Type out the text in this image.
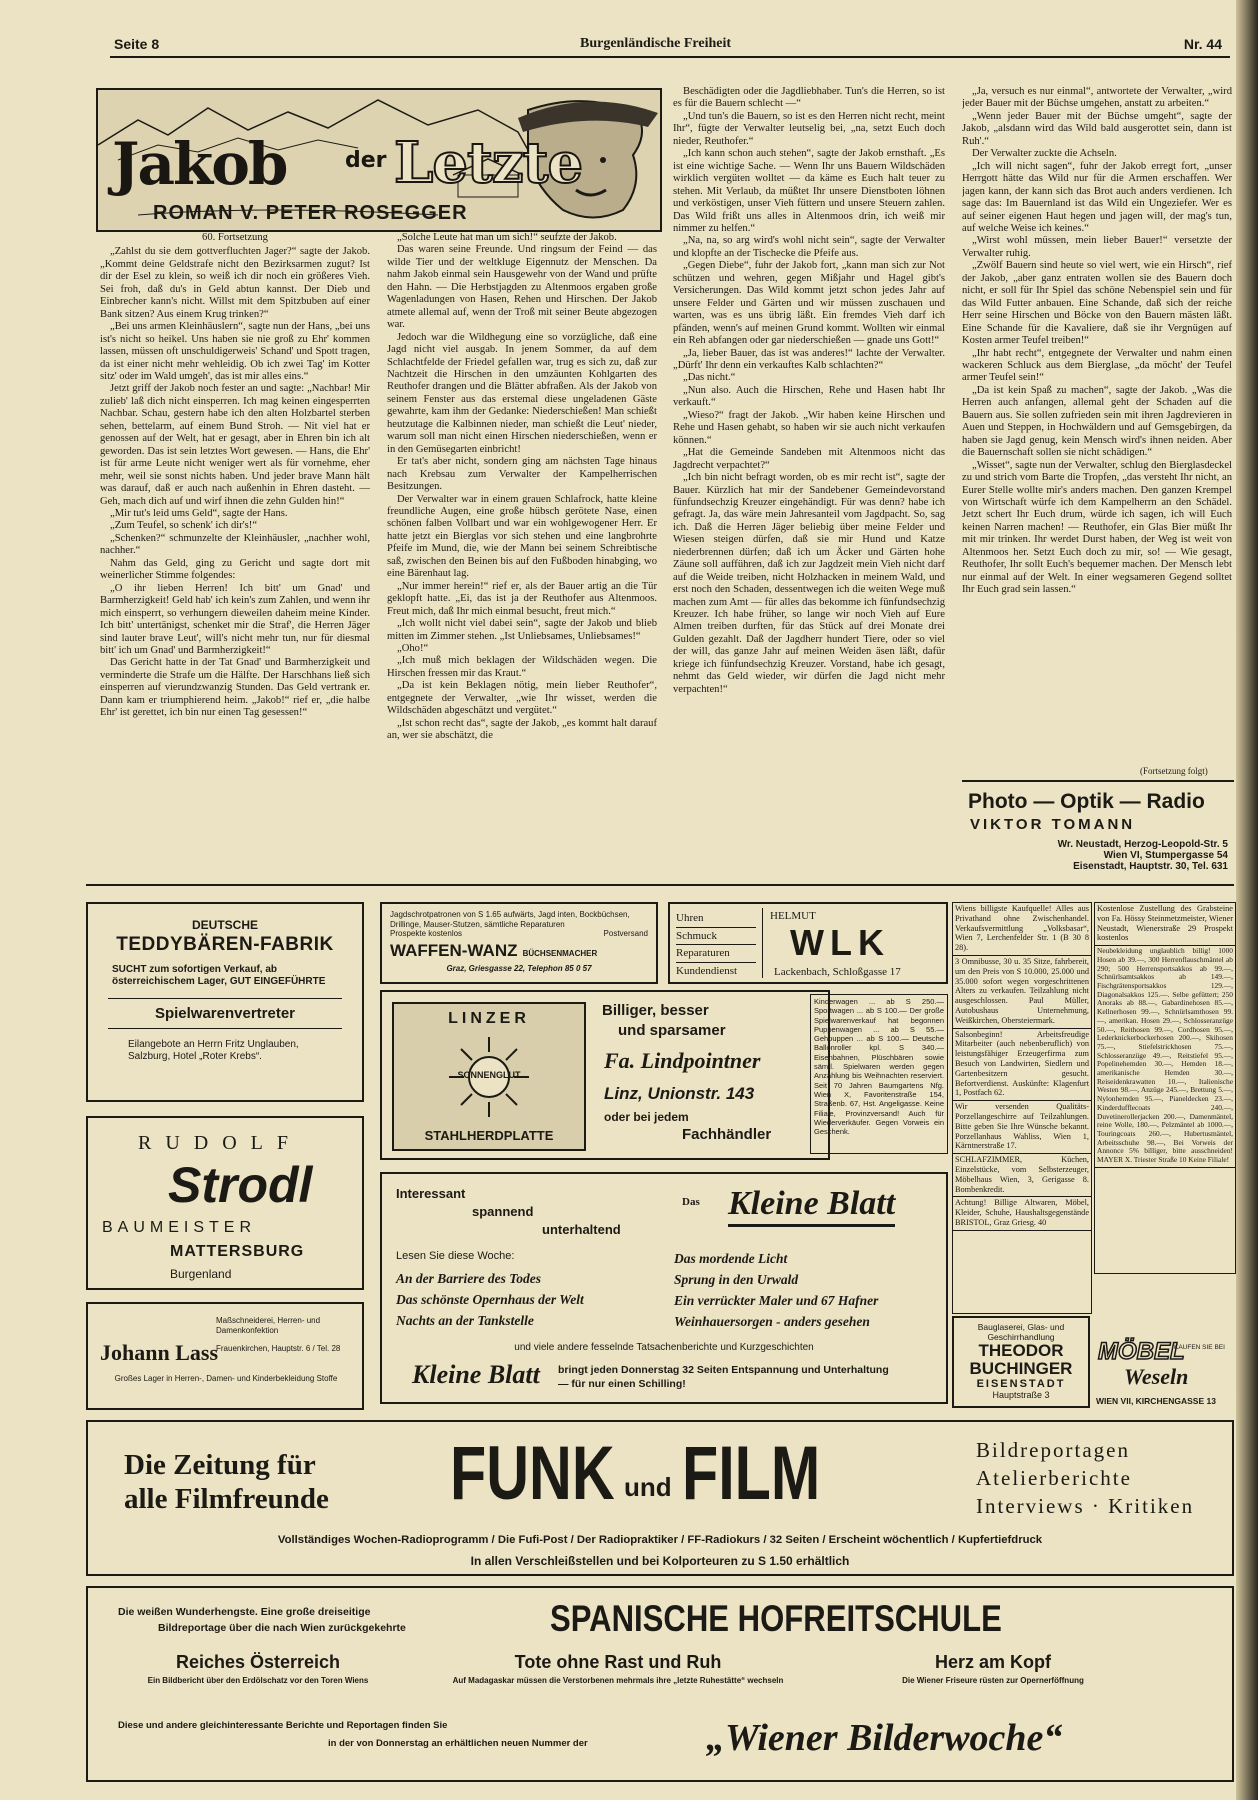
Seite 8	Burgenländische Freiheit	Nr. 44
Jakob	der Letzte
ROMAN V. PETER ROSEGGER

60. Fortsetzung

„Zahlst du sie dem gottverfluchten Jager?“ sagte der Jakob. „Kommt deine Geldstrafe nicht den Bezirksarmen zugut? Ist dir der Esel zu klein, so weiß ich dir noch ein größeres Vieh. Sei froh, daß du's in Geld abtun kannst. Der Dieb und Einbrecher kann's nicht. Willst mit dem Spitzbuben auf einer Bank sitzen? Aus einem Krug trinken?“

„Bei uns armen Kleinhäuslern“, sagte nun der Hans, „bei uns ist's nicht so heikel. Uns haben sie nie groß zu Ehr' kommen lassen, müssen oft unschuldigerweis' Schand' und Spott tragen, da ist einer nicht mehr wehleidig. Ob ich zwei Tag' im Kotter sitz' oder im Wald umgeh', das ist mir alles eins.“

Jetzt griff der Jakob noch fester an und sagte: „Nachbar! Mir zulieb' laß dich nicht einsperren. Ich mag keinen eingesperrten Nachbar. Schau, gestern habe ich den alten Holzbartel sterben sehen, bettelarm, auf einem Bund Stroh. — Nit viel hat er genossen auf der Welt, hat er gesagt, aber in Ehren bin ich alt geworden. Das ist sein letztes Wort gewesen. — Hans, die Ehr' ist für arme Leute nicht weniger wert als für vornehme, eher mehr, weil sie sonst nichts haben. Und jeder brave Mann hält was darauf, daß er auch nach außenhin in Ehren dasteht. — Geh, mach dich auf und wirf ihnen die zehn Gulden hin!“

„Mir tut's leid ums Geld“, sagte der Hans.

„Zum Teufel, so schenk' ich dir's!“

„Schenken?“ schmunzelte der Kleinhäusler, „nachher wohl, nachher.“

Nahm das Geld, ging zu Gericht und sagte dort mit weinerlicher Stimme folgendes:

„O ihr lieben Herren! Ich bitt' um Gnad' und Barmherzigkeit! Geld hab' ich kein's zum Zahlen, und wenn ihr mich einsperrt, so verhungern dieweilen daheim meine Kinder. Ich bitt' untertänigst, schenket mir die Straf', die Herren Jäger sind lauter brave Leut', will's nicht mehr tun, nur für diesmal bitt' ich um Gnad' und Barmherzigkeit!“

Das Gericht hatte in der Tat Gnad' und Barmherzigkeit und verminderte die Strafe um die Hälfte. Der Harschhans ließ sich einsperren auf vierundzwanzig Stunden. Das Geld vertrank er. Dann kam er triumphierend heim. „Jakob!“ rief er, „die halbe Ehr' ist gerettet, ich bin nur einen Tag gesessen!“

„Solche Leute hat man um sich!“ seufzte der Jakob.

Das waren seine Freunde. Und ringsum der Feind — das wilde Tier und der weltkluge Eigennutz der Menschen. Da nahm Jakob einmal sein Hausgewehr von der Wand und prüfte den Hahn. — Die Herbstjagden zu Altenmoos ergaben große Wagenladungen von Hasen, Rehen und Hirschen. Der Jakob atmete allemal auf, wenn der Troß mit seiner Beute abgezogen war.

Jedoch war die Wildhegung eine so vorzügliche, daß eine Jagd nicht viel ausgab. In jenem Sommer, da auf dem Schlachtfelde der Friedel gefallen war, trug es sich zu, daß zur Nachtzeit die Hirschen in den umzäunten Kohlgarten des Reuthofer drangen und die Blätter abfraßen. Als der Jakob von seinem Fenster aus das erstemal diese ungeladenen Gäste gewahrte, kam ihm der Gedanke: Niederschießen! Man schießt heutzutage die Kalbinnen nieder, man schießt die Leut' nieder, warum soll man nicht einen Hirschen niederschießen, wenn er in den Gemüsegarten einbricht!

Er tat's aber nicht, sondern ging am nächsten Tage hinaus nach Krebsau zum Verwalter der Kampelherrischen Besitzungen.

Der Verwalter war in einem grauen Schlafrock, hatte kleine freundliche Augen, eine große hübsch gerötete Nase, einen schönen falben Vollbart und war ein wohlgewogener Herr. Er hatte jetzt ein Bierglas vor sich stehen und eine langbrohrte Pfeife im Mund, die, wie der Mann bei seinem Schreibtische saß, zwischen den Beinen bis auf den Fußboden hinabging, wo eine Bärenhaut lag.

„Nur immer herein!“ rief er, als der Bauer artig an die Tür geklopft hatte. „Ei, das ist ja der Reuthofer aus Altenmoos. Freut mich, daß Ihr mich einmal besucht, freut mich.“

„Ich wollt nicht viel dabei sein“, sagte der Jakob und blieb mitten im Zimmer stehen. „Ist Unliebsames, Unliebsames!“

„Oho!“

„Ich muß mich beklagen der Wildschäden wegen. Die Hirschen fressen mir das Kraut.“

„Da ist kein Beklagen nötig, mein lieber Reuthofer“, entgegnete der Verwalter, „wie Ihr wisset, werden die Wildschäden abgeschätzt und vergütet.“

„Ist schon recht das“, sagte der Jakob, „es kommt halt darauf an, wer sie abschätzt, die

Beschädigten oder die Jagdliebhaber. Tun's die Herren, so ist es für die Bauern schlecht —“

„Und tun's die Bauern, so ist es den Herren nicht recht, meint Ihr“, fügte der Verwalter leutselig bei, „na, setzt Euch doch nieder, Reuthofer.“

„Ich kann schon auch stehen“, sagte der Jakob ernsthaft. „Es ist eine wichtige Sache. — Wenn Ihr uns Bauern Wildschäden wirklich vergüten wolltet — da käme es Euch halt teuer zu stehen. Mit Verlaub, da müßtet Ihr unsere Dienstboten löhnen und verköstigen, unser Vieh füttern und unsere Steuern zahlen. Das Wild frißt uns alles in Altenmoos drin, ich weiß mir nimmer zu helfen.“

„Na, na, so arg wird's wohl nicht sein“, sagte der Verwalter und klopfte an der Tischecke die Pfeife aus.

„Gegen Diebe“, fuhr der Jakob fort, „kann man sich zur Not schützen und wehren, gegen Mißjahr und Hagel gibt's Versicherungen. Das Wild kommt jetzt schon jedes Jahr auf unsere Felder und Gärten und wir müssen zuschauen und warten, was es uns übrig läßt. Ein fremdes Vieh darf ich pfänden, wenn's auf meinen Grund kommt. Wollten wir einmal ein Reh abfangen oder gar niederschießen — gnade uns Gott!“

„Ja, lieber Bauer, das ist was anderes!“ lachte der Verwalter. „Dürft' Ihr denn ein verkauftes Kalb schlachten?“

„Das nicht.“

„Nun also. Auch die Hirschen, Rehe und Hasen habt Ihr verkauft.“

„Wieso?“ fragt der Jakob. „Wir haben keine Hirschen und Rehe und Hasen gehabt, so haben wir sie auch nicht verkaufen können.“

„Hat die Gemeinde Sandeben mit Altenmoos nicht das Jagdrecht verpachtet?“

„Ich bin nicht befragt worden, ob es mir recht ist“, sagte der Bauer. Kürzlich hat mir der Sandebener Gemeindevorstand fünfundsechzig Kreuzer eingehändigt. Für was denn? habe ich gefragt. Ja, das wäre mein Jahresanteil vom Jagdpacht. So, sag ich. Daß die Herren Jäger beliebig über meine Felder und Wiesen steigen dürfen, daß sie mir Hund und Katze niederbrennen dürfen; daß ich um Äcker und Gärten hohe Zäune soll aufführen, daß ich zur Jagdzeit mein Vieh nicht darf auf die Weide treiben, nicht Holzhacken in meinem Wald, und erst noch den Schaden, dessentwegen ich die weiten Wege muß machen zum Amt — für alles das bekomme ich fünfundsechzig Kreuzer. Ich habe früher, so lange wir noch Vieh auf Eure Almen treiben durften, für das Stück auf drei Monate drei Gulden gezahlt. Daß der Jagdherr hundert Tiere, oder so viel der will, das ganze Jahr auf meinen Weiden äsen läßt, dafür kriege ich fünfundsechzig Kreuzer. Vorstand, habe ich gesagt, nehmt das Geld wieder, wir dürfen die Jagd nicht mehr verpachten!“

„Ja, versuch es nur einmal“, antwortete der Verwalter, „wird jeder Bauer mit der Büchse umgehen, anstatt zu arbeiten.“

„Wenn jeder Bauer mit der Büchse umgeht“, sagte der Jakob, „alsdann wird das Wild bald ausgerottet sein, dann ist Ruh'.“

Der Verwalter zuckte die Achseln.

„Ich will nicht sagen“, fuhr der Jakob erregt fort, „unser Herrgott hätte das Wild nur für die Armen erschaffen. Wer jagen kann, der kann sich das Brot auch anders verdienen. Ich sage das: Im Bauernland ist das Wild ein Ungeziefer. Wer es auf seiner eigenen Haut hegen und jagen will, der mag's tun, auf welche Weise ich keines.“

„Wirst wohl müssen, mein lieber Bauer!“ versetzte der Verwalter ruhig.

„Zwölf Bauern sind heute so viel wert, wie ein Hirsch“, rief der Jakob, „aber ganz entraten wollen sie des Bauern doch nicht, er soll für Ihr Spiel das schöne Nebenspiel sein und für das Wild Futter anbauen. Eine Schande, daß sich der reiche Herr seine Hirschen und Böcke von den Bauern mästen läßt. Eine Schande für die Kavaliere, daß sie ihr Vergnügen auf Kosten armer Teufel treiben!“

„Ihr habt recht“, entgegnete der Verwalter und nahm einen wackeren Schluck aus dem Bierglase, „da möcht' der Teufel armer Teufel sein!“

„Da ist kein Spaß zu machen“, sagte der Jakob. „Was die Herren auch anfangen, allemal geht der Schaden auf die Bauern aus. Sie sollen zufrieden sein mit ihren Jagdrevieren in Auen und Steppen, in Hochwäldern und auf Gemsgebirgen, da haben sie Jagd genug, kein Mensch wird's ihnen neiden. Aber die Bauernschaft sollen sie nicht schädigen.“

„Wisset“, sagte nun der Verwalter, schlug den Bierglasdeckel zu und strich vom Barte die Tropfen, „das versteht Ihr nicht, an Eurer Stelle wollte mir's anders machen. Den ganzen Krempel von Wirtschaft würfe ich dem Kampelherrn an den Schädel. Jetzt schert Ihr Euch drum, würde ich sagen, ich will Euch keinen Narren machen! — Reuthofer, ein Glas Bier müßt Ihr mit mir trinken. Ihr werdet Durst haben, der Weg ist weit von Altenmoos her. Setzt Euch doch zu mir, so! — Wie gesagt, Reuthofer, Ihr sollt Euch's bequemer machen. Der Mensch lebt nur einmal auf der Welt. In einer wegsameren Gegend solltet Ihr Euch grad sein lassen.“

(Fortsetzung folgt)
Photo — Optik — Radio
VIKTOR TOMANN
Wr. Neustadt, Herzog-Leopold-Str. 5
Wien VI, Stumpergasse 54
Eisenstadt, Hauptstr. 30, Tel. 631
DEUTSCHE
TEDDYBÄREN-FABRIK
SUCHT zum sofortigen Verkauf, ab österreichischem Lager, GUT EINGEFÜHRTE
Spielwarenvertreter
Eilangebote an Herrn Fritz Unglauben, Salzburg, Hotel „Roter Krebs“.
RUDOLF
Strodl
BAUMEISTER
MATTERSBURG
Burgenland
Maßschneiderei, Herren- und Damenkonfektion
Johann Lass
Frauenkirchen, Hauptstr. 6 / Tel. 28
Großes Lager in Herren-, Damen- und Kinderbekleidung Stoffe
Jagdschrotpatronen von S 1.65 aufwärts, Jagd inten, Bockbüchsen, Drillinge, Mauser-Stutzen, sämtliche Reparaturen
Prospekte kostenlos	Postversand
WAFFEN-WANZ BÜCHSENMACHER
Graz, Griesgasse 22, Telephon 85 0 57
Uhren
Schmuck
Reparaturen
Kundendienst
HELMUT
WLK
Lackenbach, Schloßgasse 17
LINZER
SONNENGLUT
STAHLHERDPLATTE
Billiger, besser
und sparsamer
Fa. Lindpointner
Linz, Unionstr. 143
oder bei jedem
Fachhändler
Kinderwagen ... ab S 250.— Sportwagen ... ab S 100.— Der große Spielwarenverkauf hat begonnen Puppenwagen ... ab S 55.— Gehpuppen ... ab S 100.— Deutsche Ballonroller kpl. S 340.— Eisenbahnen, Plüschbären sowie sämtl. Spielwaren werden gegen Anzahlung bis Weihnachten reserviert. Seit 70 Jahren Baumgartens Nfg. Wien X, Favoritenstraße 154, Straßenb. 67, Hst. Angeligasse. Keine Filiale, Provinzversand! Auch für Wiederverkäufer. Gegen Vorweis ein Geschenk.
Interessant
spannend
unterhaltend
Das Kleine Blatt
Lesen Sie diese Woche:
An der Barriere des Todes
Das schönste Opernhaus der Welt
Nachts an der Tankstelle
Das mordende Licht
Sprung in den Urwald
Ein verrückter Maler und 67 Hafner
Weinhauersorgen - anders gesehen
und viele andere fesselnde Tatsachenberichte und Kurzgeschichten
Kleine Blatt bringt jeden Donnerstag 32 Seiten Entspannung und Unterhaltung
— für nur einen Schilling!
Wiens billigste Kaufquelle! Alles aus Privathand ohne Zwischenhandel. Verkaufsvermittlung „Volksbasar“, Wien 7, Lerchenfelder Str. 1 (B 30 8 28).
3 Omnibusse, 30 u. 35 Sitze, fahrbereit, um den Preis von S 10.000, 25.000 und 35.000 sofort wegen vorgeschrittenen Alters zu verkaufen. Teilzahlung nicht ausgeschlossen. Paul Müller, Autobushaus Unternehmung, Weißkirchen, Obersteiermark.
Salsonbeginn! Arbeitsfreudige Mitarbeiter (auch nebenberuflich) von leistungsfähiger Erzeugerfirma zum Besuch von Landwirten, Siedlern und Gartenbesitzern gesucht. Befortverdienst. Auskünfte: Klagenfurt 1, Postfach 62.
Wir versenden Qualitäts-Porzellangeschirre auf Teilzahlungen. Bitte geben Sie Ihre Wünsche bekannt. Porzellanhaus Wahliss, Wien 1, Kärntnerstraße 17.
SCHLAFZIMMER, Küchen, Einzelstücke, vom Selbsterzeuger, Möbelhaus Wien, 3, Gerigasse 8. Bombenkredit.
Achtung! Billige Altwaren, Möbel, Kleider, Schuhe, Haushaltsgegenstände BRISTOL, Graz Griesg. 40
Kostenlose Zustellung des Grabsteine von Fa. Hössy Steinmetzmeister, Wiener Neustadt, Wienerstraße 29 Prospekt kostenlos
Neubekleidung unglaublich billig! 1000 Hosen ab 39.—, 300 Herrenflauschmäntel ab 290; 500 Herrensportsakkos ab 99.—, Schnürlsamtsakkos ab 149.—, Fischgrätensportsakkos 129.—, Diagonalsakkos 125.—. Selbe gefüttert; 250 Anoraks ab 88.—, Gabardinehosen 85.—, Kellnerhosen 99.—, Schnürlsamthosen 99.—, amerikan. Hosen 29.—, Schlosseranzüge 50.—, Reithosen 99.—, Cordhosen 95.—, Lederknickerbockerhosen 200.—, Skihosen 75.—, Stiefelstrickhosen 75.—, Schlosseranzüge 49.—, Reitstiefel 95.—, Popelinehemden 30.—, Hemden 18.—, amerikanische Hemden 30.—, Reiseidenkrawatten 10.—, Italienische Westen 98.—, Anzüge 245.—, Brettung 5.—, Nylonhemden 95.—, Pianeldecken 23.—, Kinderdufflecoats 240.—, Duvetinerollerjacken 200.—, Damenmäntel, reine Wolle, 180.—, Pelzmäntel ab 1000.—, Touringcoats 260.—, Hubertusmäntel, Arbeitsschuhe 98.—, Bei Vorweis der Annonce 5% billiger, bitte ausschneiden! MAYER X. Triester Straße 10 Keine Filiale!
Bauglaserei, Glas- und Geschirrhandlung
THEODOR
BUCHINGER
EISENSTADT
Hauptstraße 3
MÖBEL
KAUFEN SIE BEI
Weseln
WIEN VII, KIRCHENGASSE 13
Die Zeitung für
alle Filmfreunde FUNK und FILM	Bildreportagen
Atelierberichte
Interviews · Kritiken
Vollständiges Wochen-Radioprogramm / Die Fufi-Post / Der Radiopraktiker / FF-Radiokurs / 32 Seiten / Erscheint wöchentlich / Kupfertiefdruck
In allen Verschleißstellen und bei Kolporteuren zu S 1.50 erhältlich
Die weißen Wunderhengste. Eine große dreiseitige
Bildreportage über die nach Wien zurückgekehrte	SPANISCHE HOFREITSCHULE
Reiches Österreich
Ein Bildbericht über den Erdölschatz vor den Toren Wiens
Tote ohne Rast und Ruh
Auf Madagaskar müssen die Verstorbenen mehrmals ihre „letzte Ruhestätte“ wechseln
Herz am Kopf
Die Wiener Friseure rüsten zur Opernerföffnung
Diese und andere gleichinteressante Berichte und Reportagen finden Sie
in der von Donnerstag an erhältlichen neuen Nummer der	„Wiener Bilderwoche“
